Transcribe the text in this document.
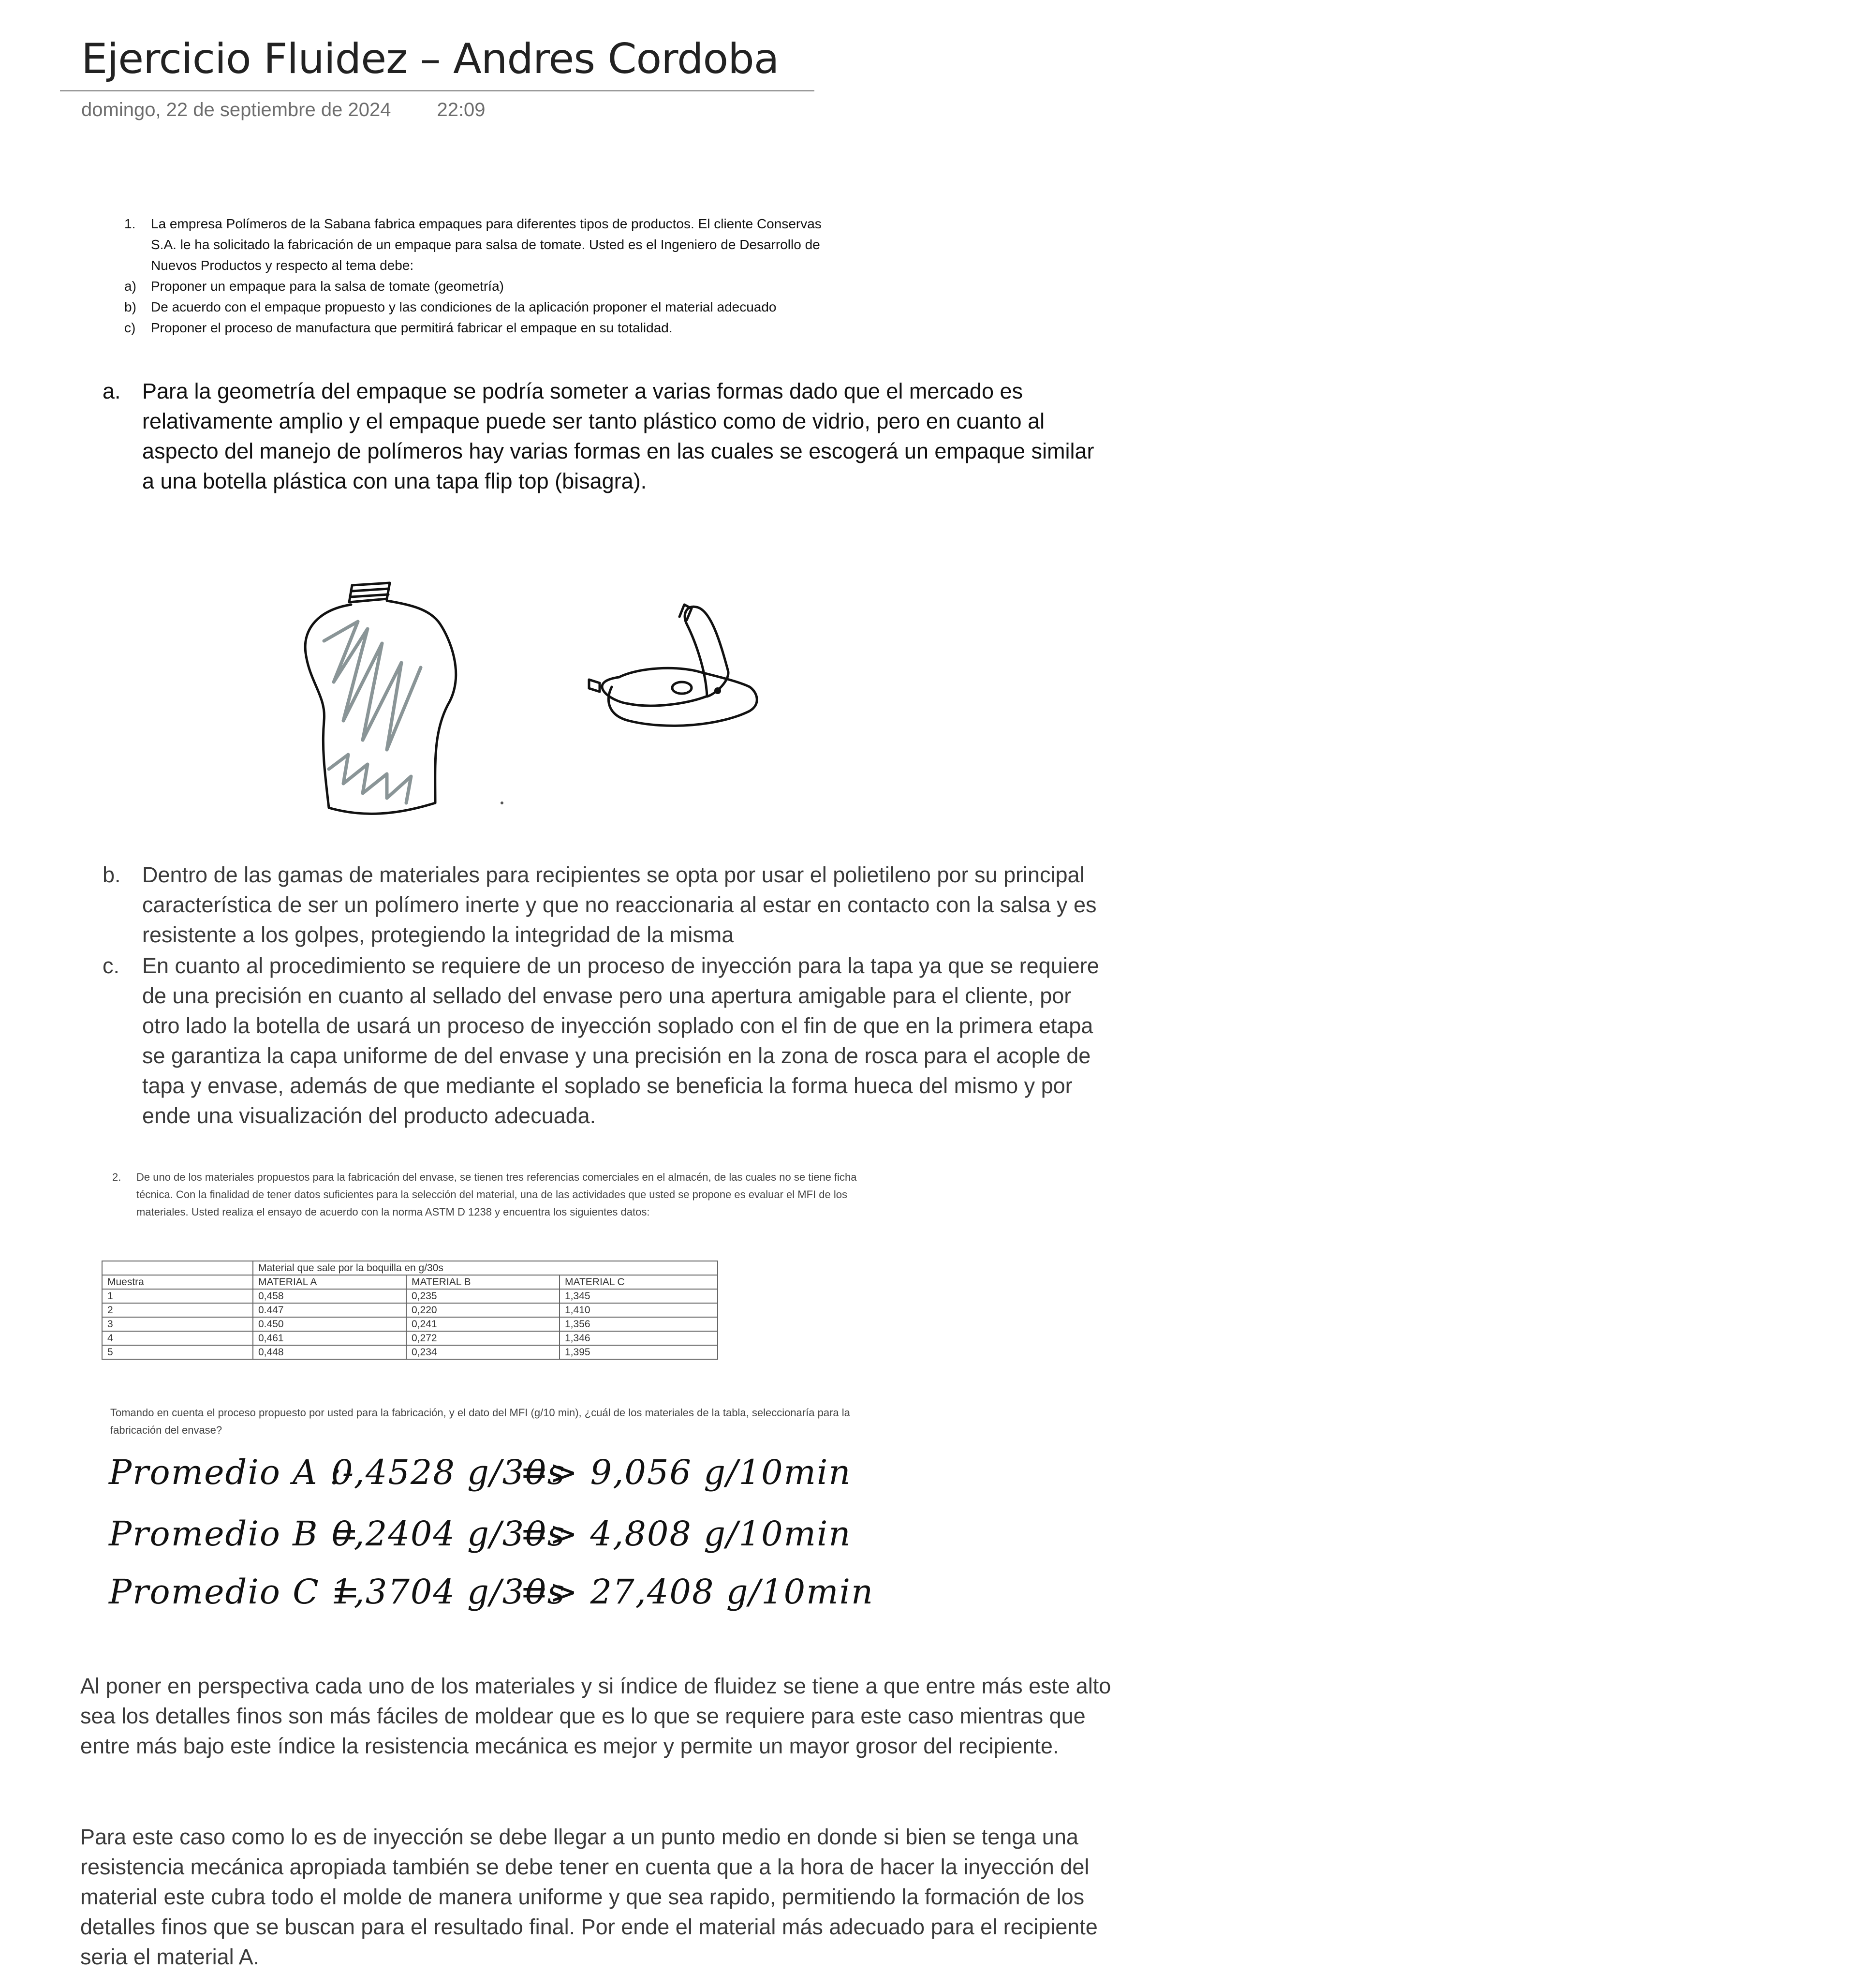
Ejercicio Fluidez – Andres Cordoba
domingo, 22 de septiembre de 2024 22:09
1. La empresa Polímeros de la Sabana fabrica empaques para diferentes tipos de productos. El cliente Conservas
S.A. le ha solicitado la fabricación de un empaque para salsa de tomate. Usted es el Ingeniero de Desarrollo de
Nuevos Productos y respecto al tema debe:
a) Proponer un empaque para la salsa de tomate (geometría)
b) De acuerdo con el empaque propuesto y las condiciones de la aplicación proponer el material adecuado
c) Proponer el proceso de manufactura que permitirá fabricar el empaque en su totalidad.

a. Para la geometría del empaque se podría someter a varias formas dado que el mercado es relativamente amplio y el empaque puede ser tanto plástico como de vidrio, pero en cuanto al aspecto del manejo de polímeros hay varias formas en las cuales se escogerá un empaque similar a una botella plástica con una tapa flip top (bisagra).

b. Dentro de las gamas de materiales para recipientes se opta por usar el polietileno por su principal característica de ser un polímero inerte y que no reaccionaria al estar en contacto con la salsa y es resistente a los golpes, protegiendo la integridad de la misma

c. En cuanto al procedimiento se requiere de un proceso de inyección para la tapa ya que se requiere de una precisión en cuanto al sellado del envase pero una apertura amigable para el cliente, por otro lado la botella de usará un proceso de inyección soplado con el fin de que en la primera etapa se garantiza la capa uniforme de del envase y una precisión en la zona de rosca para el acople de tapa y envase, además de que mediante el soplado se beneficia la forma hueca del mismo y por ende una visualización del producto adecuada.

2. De uno de los materiales propuestos para la fabricación del envase, se tienen tres referencias comerciales en el almacén, de las cuales no se tiene ficha técnica. Con la finalidad de tener datos suficientes para la selección del material, una de las actividades que usted se propone es evaluar el MFI de los materiales. Usted realiza el ensayo de acuerdo con la norma ASTM D 1238 y encuentra los siguientes datos:
	Material que sale por la boquilla en g/30s		
Muestra	MATERIAL A	MATERIAL B	MATERIAL C
1	0,458	0,235	1,345
2	0.447	0,220	1,410
3	0.450	0,241	1,356
4	0,461	0,272	1,346
5	0,448	0,234	1,395
Tomando en cuenta el proceso propuesto por usted para la fabricación, y el dato del MFI (g/10 min), ¿cuál de los materiales de la tabla, seleccionaría para la fabricación del envase?
Promedio A :-0,4528 g/30s=> 9,056 g/10min
Promedio B =0,2404 g/30s=> 4,808 g/10min
Promedio C =1,3704 g/30s=> 27,408 g/10min
Al poner en perspectiva cada uno de los materiales y si índice de fluidez se tiene a que entre más este alto sea los detalles finos son más fáciles de moldear que es lo que se requiere para este caso mientras que entre más bajo este índice la resistencia mecánica es mejor y permite un mayor grosor del recipiente.
Para este caso como lo es de inyección se debe llegar a un punto medio en donde si bien se tenga una resistencia mecánica apropiada también se debe tener en cuenta que a la hora de hacer la inyección del material este cubra todo el molde de manera uniforme y que sea rapido, permitiendo la formación de los detalles finos que se buscan para el resultado final. Por ende el material más adecuado para el recipiente seria el material A.
